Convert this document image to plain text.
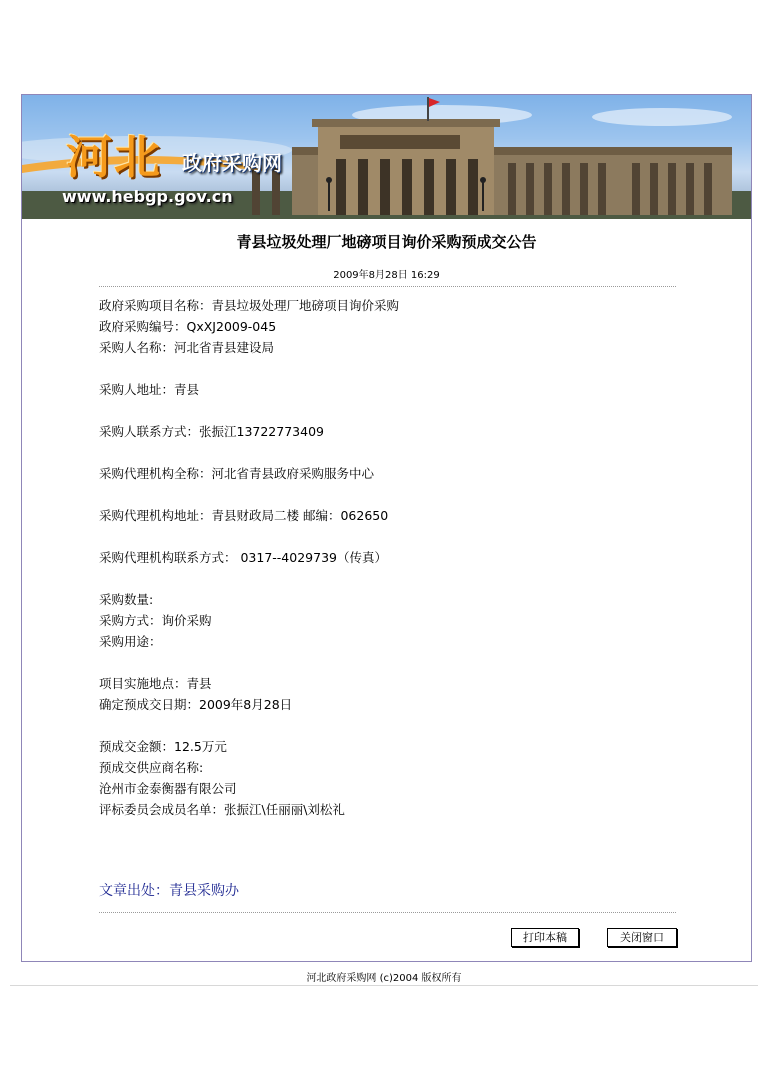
河北 政府采购网
www.hebgp.gov.cn
青县垃圾处理厂地磅项目询价采购预成交公告
2009年8月28日 16:29
政府采购项目名称：青县垃圾处理厂地磅项目询价采购
政府采购编号：QxXJ2009-045
采购人名称：河北省青县建设局
采购人地址：青县
采购人联系方式：张振江13722773409
采购代理机构全称：河北省青县政府采购服务中心
采购代理机构地址：青县财政局二楼 邮编：062650
采购代理机构联系方式： 0317--4029739（传真）
采购数量:
采购方式：询价采购
采购用途：
项目实施地点：青县
确定预成交日期：2009年8月28日
预成交金额：12.5万元
预成交供应商名称:
沧州市金泰衡器有限公司
评标委员会成员名单：张振江\任丽丽\刘松礼
文章出处：青县采购办
打印本稿	关闭窗口
河北政府采购网 (c)2004 版权所有
